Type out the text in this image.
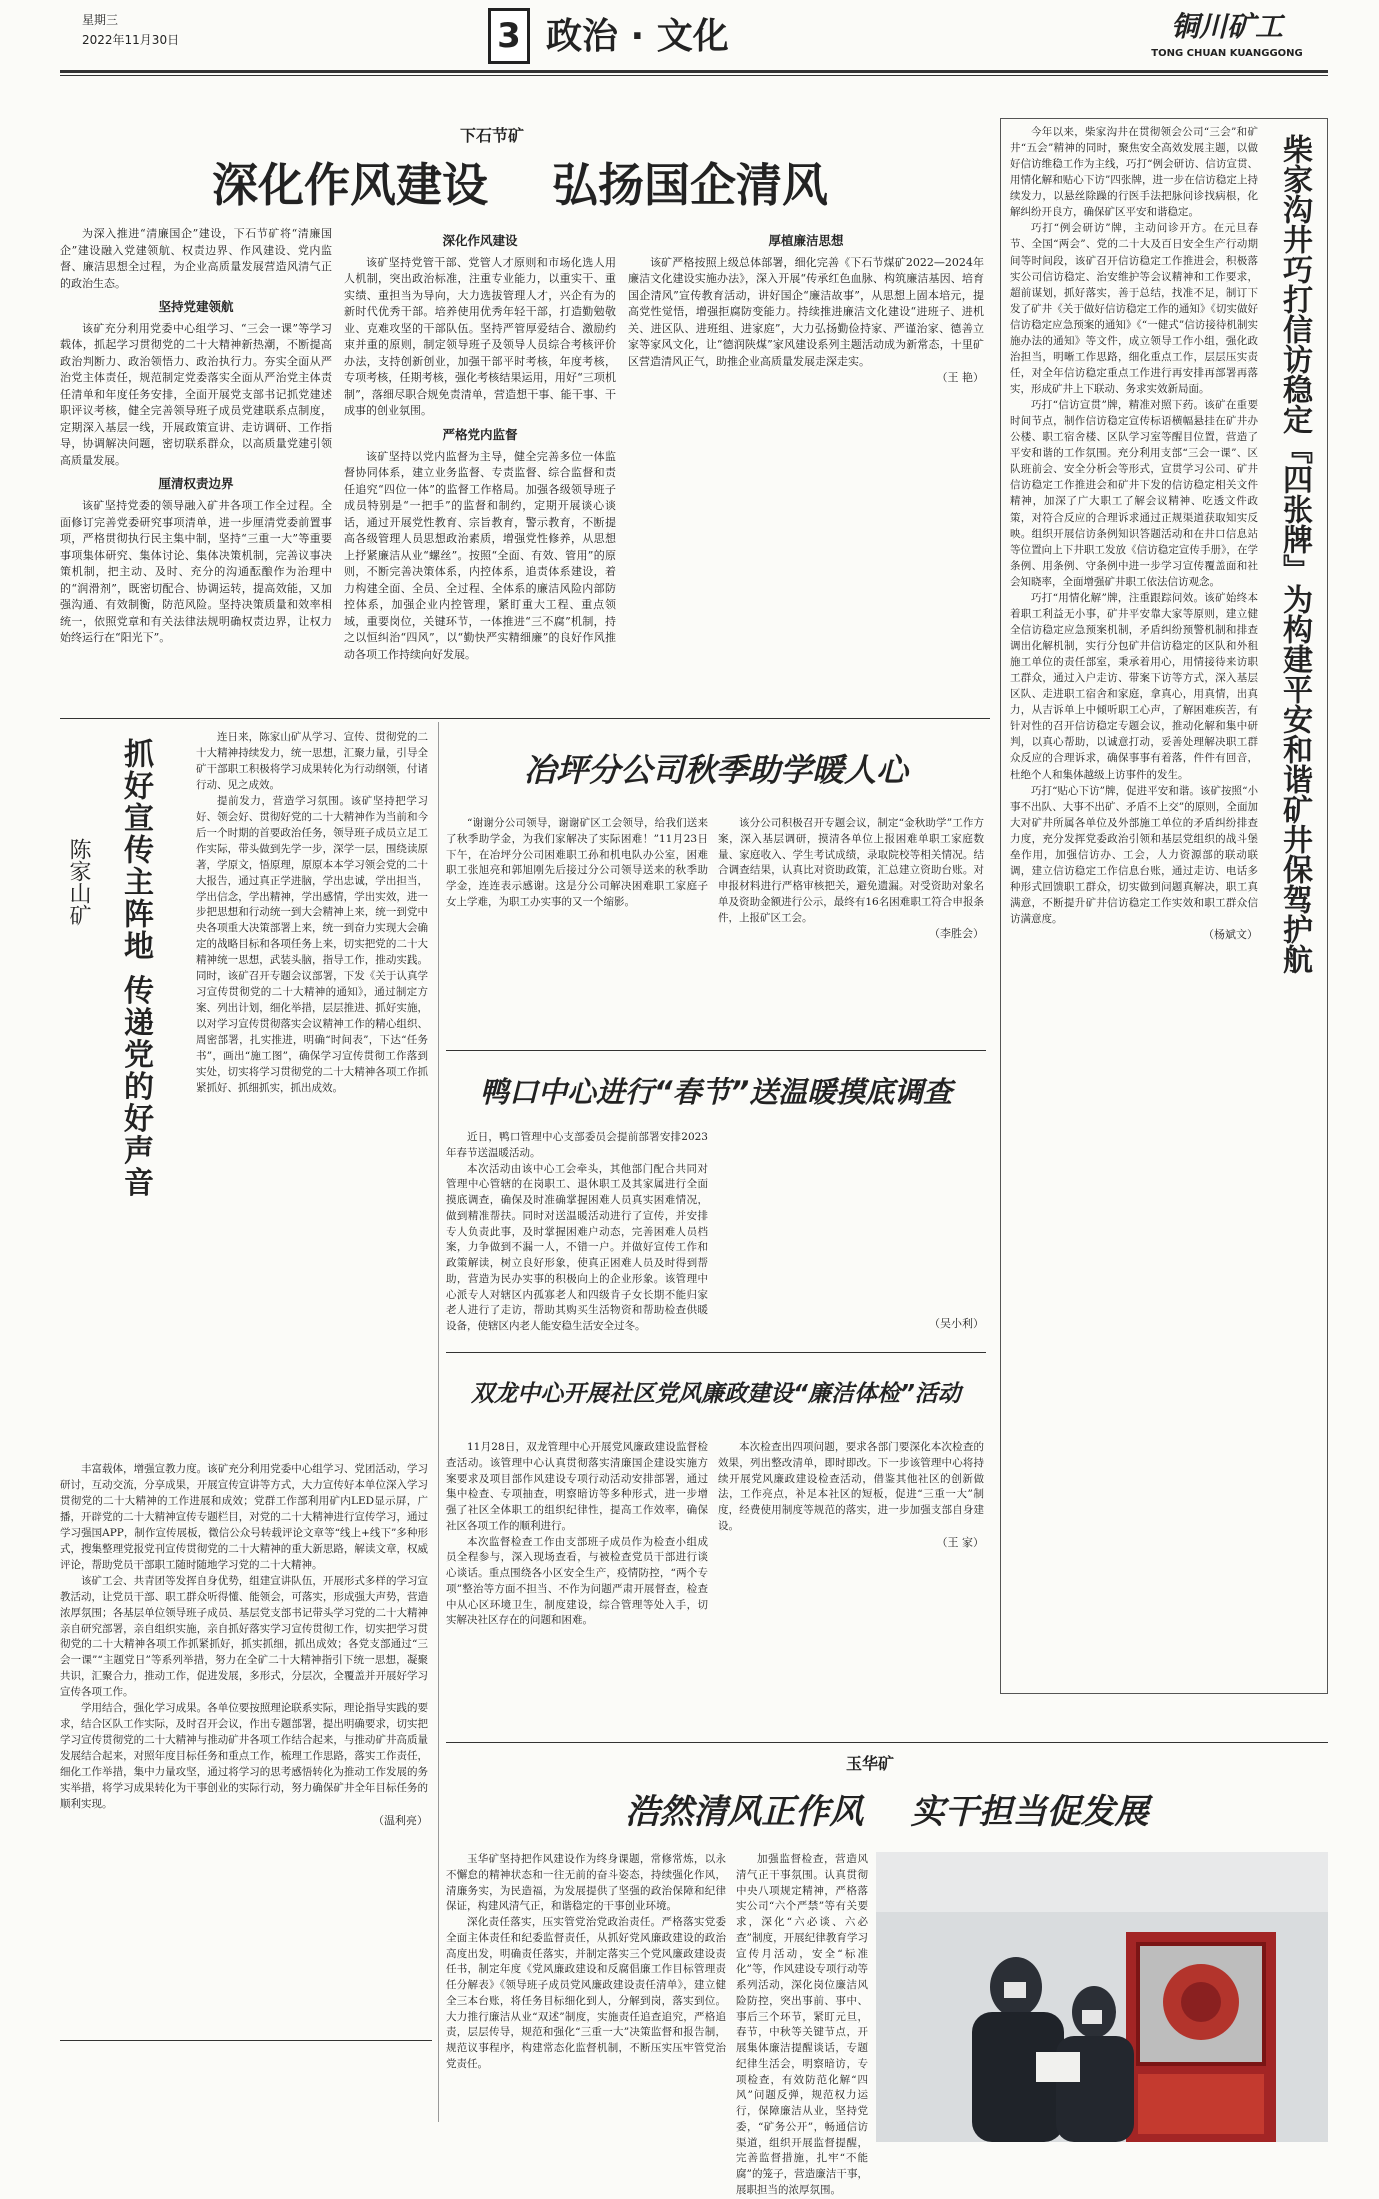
星期三
2022年11月30日	3 政治 · 文化	铜川矿工
TONG CHUAN KUANGGONG
下石节矿
深化作风建设    弘扬国企清风

为深入推进“清廉国企”建设，下石节矿将“清廉国企”建设融入党建领航、权责边界、作风建设、党内监督、廉洁思想全过程，为企业高质量发展营造风清气正的政治生态。

坚持党建领航

该矿充分利用党委中心组学习、“三会一课”等学习载体，抓起学习贯彻党的二十大精神新热潮，不断提高政治判断力、政治领悟力、政治执行力。夯实全面从严治党主体责任，规范制定党委落实全面从严治党主体责任清单和年度任务安排，全面开展党支部书记抓党建述职评议考核，健全完善领导班子成员党建联系点制度，定期深入基层一线，开展政策宣讲、走访调研、工作指导，协调解决问题，密切联系群众，以高质量党建引领高质量发展。

厘清权责边界

该矿坚持党委的领导融入矿井各项工作全过程。全面修订完善党委研究事项清单，进一步厘清党委前置事项，严格贯彻执行民主集中制，坚持“三重一大”等重要事项集体研究、集体讨论、集体决策机制，完善议事决策机制，把主动、及时、充分的沟通酝酿作为治理中的“润滑剂”，既密切配合、协调运转，提高效能，又加强沟通、有效制衡，防范风险。坚持决策质量和效率相统一，依照党章和有关法律法规明确权责边界，让权力始终运行在“阳光下”。

深化作风建设

该矿坚持党管干部、党管人才原则和市场化选人用人机制，突出政治标准，注重专业能力，以重实干、重实绩、重担当为导向，大力选拔管理人才，兴企有为的新时代优秀干部。培养使用优秀年轻干部，打造勤勉敬业、克难攻坚的干部队伍。坚持严管厚爱结合、激励约束并重的原则，制定领导班子及领导人员综合考核评价办法，支持创新创业，加强干部平时考核，年度考核，专项考核，任期考核，强化考核结果运用，用好“三项机制”，落细尽职合规免责清单，营造想干事、能干事、干成事的创业氛围。

严格党内监督

该矿坚持以党内监督为主导，健全完善多位一体监督协同体系，建立业务监督、专责监督、综合监督和责任追究“四位一体”的监督工作格局。加强各级领导班子成员特别是“一把手”的监督和制约，定期开展谈心谈话，通过开展党性教育、宗旨教育，警示教育，不断提高各级管理人员思想政治素质，增强党性修养，从思想上抒紧廉洁从业“螺丝”。按照“全面、有效、管用”的原则，不断完善决策体系，内控体系，追责体系建设，着力构建全面、全员、全过程、全体系的廉洁风险内部防控体系，加强企业内控管理，紧盯重大工程、重点领域，重要岗位，关键环节，一体推进“三不腐”机制，持之以恒纠治“四风”，以“勤快严实精细廉”的良好作风推动各项工作持续向好发展。

厚植廉洁思想

该矿严格按照上级总体部署，细化完善《下石节煤矿2022—2024年廉洁文化建设实施办法》，深入开展“传承红色血脉、构筑廉洁基因、培育国企清风”宣传教育活动，讲好国企“廉洁故事”，从思想上固本培元，提高党性觉悟，增强拒腐防变能力。持续推进廉洁文化建设“进班子、进机关、进区队、进班组、进家庭”，大力弘扬勤俭持家、严谨治家、德善立家等家风文化，让“德润陕煤”家风建设系列主题活动成为新常态，十里矿区营造清风正气，助推企业高质量发展走深走实。

（王 艳）

抓好宣传主阵地 传递党的好声音
陈家山矿

连日来，陈家山矿从学习、宣传、贯彻党的二十大精神持续发力，统一思想，汇聚力量，引导全矿干部职工积极将学习成果转化为行动纲领，付诸行动、见之成效。

提前发力，营造学习氛围。该矿坚持把学习好、领会好、贯彻好党的二十大精神作为当前和今后一个时期的首要政治任务，领导班子成员立足工作实际，带头做到先学一步，深学一层，围绕读原著，学原文，悟原理，原原本本学习领会党的二十大报告，通过真正学进脑，学出忠诚，学出担当，学出信念，学出精神，学出感情，学出实效，进一步把思想和行动统一到大会精神上来，统一到党中央各项重大决策部署上来，统一到奋力实现大会确定的战略目标和各项任务上来，切实把党的二十大精神统一思想，武装头脑，指导工作，推动实践。同时，该矿召开专题会议部署，下发《关于认真学习宣传贯彻党的二十大精神的通知》，通过制定方案、列出计划，细化举措，层层推进、抓好实施，以对学习宣传贯彻落实会议精神工作的精心组织、周密部署，扎实推进，明确“时间表”，下达“任务书”，画出“施工图”，确保学习宣传贯彻工作落到实处，切实将学习贯彻党的二十大精神各项工作抓紧抓好、抓细抓实，抓出成效。

丰富载体，增强宣教力度。该矿充分利用党委中心组学习、党团活动，学习研讨，互动交流，分享成果，开展宣传宣讲等方式，大力宣传好本单位深入学习贯彻党的二十大精神的工作进展和成效；党群工作部利用矿内LED显示屏，广播，开辟党的二十大精神宣传专题栏目，对党的二十大精神进行宣传学习，通过学习强国APP，制作宣传展板，微信公众号转载评论文章等“线上+线下”多种形式，搜集整理党报党刊宣传贯彻党的二十大精神的重大新思路，解读文章，权威评论，帮助党员干部职工随时随地学习党的二十大精神。

该矿工会、共青团等发挥自身优势，组建宣讲队伍，开展形式多样的学习宣教活动，让党员干部、职工群众听得懂、能领会，可落实，形成强大声势，营造浓厚氛围；各基层单位领导班子成员、基层党支部书记带头学习党的二十大精神亲自研究部署，亲自组织实施，亲自抓好落实学习宣传贯彻工作，切实把学习贯彻党的二十大精神各项工作抓紧抓好，抓实抓细，抓出成效；各党支部通过“三会一课”“主题党日”等系列举措，努力在全矿二十大精神指引下统一思想，凝聚共识，汇聚合力，推动工作，促进发展，多形式，分层次，全覆盖并开展好学习宣传各项工作。

学用结合，强化学习成果。各单位要按照理论联系实际，理论指导实践的要求，结合区队工作实际，及时召开会议，作出专题部署，提出明确要求，切实把学习宣传贯彻党的二十大精神与推动矿井各项工作结合起来，与推动矿井高质量发展结合起来，对照年度目标任务和重点工作，梳理工作思路，落实工作责任，细化工作举措，集中力量攻坚，通过将学习的思考感悟转化为推动工作发展的务实举措，将学习成果转化为干事创业的实际行动，努力确保矿井全年目标任务的顺利实现。

（温利亮）

冶坪分公司秋季助学暖人心

“谢谢分公司领导，谢谢矿区工会领导，给我们送来了秋季助学金，为我们家解决了实际困难！”11月23日下午，在冶坪分公司困难职工孙和机电队办公室，困难职工张旭亮和郭旭刚先后接过分公司领导送来的秋季助学金，连连表示感谢。这是分公司解决困难职工家庭子女上学难，为职工办实事的又一个缩影。

该分公司积极召开专题会议，制定“金秋助学”工作方案，深入基层调研，摸清各单位上报困难单职工家庭数量、家庭收入、学生考试成绩，录取院校等相关情况。结合调查结果，认真比对资助政策，汇总建立资助台账。对申报材料进行严格审核把关，避免遗漏。对受资助对象名单及资助金额进行公示，最终有16名困难职工符合申报条件，上报矿区工会。

（李胜会）

鸭口中心进行“春节”送温暖摸底调查

近日，鸭口管理中心支部委员会提前部署安排2023年春节送温暖活动。

本次活动由该中心工会牵头，其他部门配合共同对管理中心管辖的在岗职工、退休职工及其家属进行全面摸底调查，确保及时准确掌握困难人员真实困难情况，做到精准帮扶。同时对送温暖活动进行了宣传，并安排专人负责此事，及时掌握困难户动态，完善困难人员档案，力争做到不漏一人，不错一户。并做好宣传工作和政策解读，树立良好形象，使真正困难人员及时得到帮助，营造为民办实事的积极向上的企业形象。该管理中心派专人对辖区内孤寡老人和四级肯子女长期不能归家老人进行了走访，帮助其购买生活物资和帮助检查供暖设备，使辖区内老人能安稳生活安全过冬。	（吴小利）

双龙中心开展社区党风廉政建设“廉洁体检”活动

11月28日，双龙管理中心开展党风廉政建设监督检查活动。该管理中心认真贯彻落实清廉国企建设实施方案要求及项目部作风建设专项行动活动安排部署，通过集中检查、专项抽查，明察暗访等多种形式，进一步增强了社区全体职工的组织纪律性，提高工作效率，确保社区各项工作的顺利进行。

本次监督检查工作由支部班子成员作为检查小组成员全程参与，深入现场查看，与被检查党员干部进行谈心谈话。重点围绕各小区安全生产，疫情防控，“两个专项”整治等方面不担当、不作为问题严肃开展督查，检查中从心区环境卫生，制度建设，综合管理等处入手，切实解决社区存在的问题和困难。

本次检查出四项问题，要求各部门要深化本次检查的效果，列出整改清单，即时即改。下一步该管理中心将持续开展党风廉政建设检查活动，借鉴其他社区的创新做法，工作亮点，补足本社区的短板，促进“三重一大”制度，经费使用制度等规范的落实，进一步加强支部自身建设。

（王 家）

柴家沟井巧打信访稳定『四张牌』为构建平安和谐矿井保驾护航

今年以来，柴家沟井在贯彻领会公司“三会”和矿井“五会”精神的同时，聚焦安全高效发展主题，以做好信访维稳工作为主线，巧打“例会研访、信访宣贯、用情化解和贴心下访”四张牌，进一步在信访稳定上持续发力，以悬丝除躁的行医手法把脉问诊找病根，化解纠纷开良方，确保矿区平安和谐稳定。

巧打“例会研访”牌，主动问诊开方。在元旦春节、全国“两会”、党的二十大及百日安全生产行动期间等时间段，该矿召开信访稳定工作推进会，积极落实公司信访稳定、治安维护等会议精神和工作要求，超前谋划，抓好落实，善于总结，找准不足，制订下发了矿井《关于做好信访稳定工作的通知》《切实做好信访稳定应急预案的通知》《“一健式”信访接待机制实施办法的通知》等文件，成立领导工作小组，强化政治担当，明晰工作思路，细化重点工作，层层压实责任，对全年信访稳定重点工作进行再安排再部署再落实，形成矿井上下联动、务求实效新局面。

巧打“信访宣贯”牌，精准对照下药。该矿在重要时间节点，制作信访稳定宣传标语横幅悬挂在矿井办公楼、职工宿舍楼、区队学习室等醒目位置，营造了平安和谐的工作氛围。充分利用支部“三会一课”、区队班前会、安全分析会等形式，宣贯学习公司、矿井信访稳定工作推进会和矿井下发的信访稳定相关文件精神，加深了广大职工了解会议精神、吃透文件政策，对符合反应的合理诉求通过正规渠道获取知实反映。组织开展信访条例知识答题活动和在井口信息站等位置向上下井职工发放《信访稳定宣传手册》，在学条例、用条例、守条例中进一步学习宣传覆盖面和社会知晓率，全面增强矿井职工依法信访观念。

巧打“用情化解”牌，注重跟踪问效。该矿始终本着职工利益无小事，矿井平安靠大家等原则，建立健全信访稳定应急预案机制，矛盾纠纷预警机制和排查调出化解机制，实行分包矿井信访稳定的区队和外租施工单位的责任部室，秉承着用心，用情接待来访职工群众，通过入户走访、带案下访等方式，深入基层区队、走进职工宿舍和家庭，拿真心，用真情，出真力，从吉诉单上中倾听职工心声，了解困难疾苦，有针对性的召开信访稳定专题会议，推动化解和集中研判，以真心帮助，以诚意打动，妥善处理解决职工群众反应的合理诉求，确保事事有着落，件件有回音，杜绝个人和集体越级上访事件的发生。

巧打“贴心下访”牌，促进平安和谐。该矿按照“小事不出队、大事不出矿、矛盾不上交”的原则，全面加大对矿井所属各单位及外部施工单位的矛盾纠纷排查力度，充分发挥党委政治引领和基层党组织的战斗堡垒作用，加强信访办、工会，人力资源部的联动联调，建立信访稳定工作信息台账，通过走访、电话多种形式回馈职工群众，切实做到问题真解决，职工真满意，不断提升矿井信访稳定工作实效和职工群众信访满意度。

（杨斌文）

玉华矿
浩然清风正作风    实干担当促发展

玉华矿坚持把作风建设作为终身课题，常修常炼，以永不懈怠的精神状态和一往无前的奋斗姿态，持续强化作风，清廉务实，为民造福，为发展提供了坚强的政治保障和纪律保证，构建风清气正，和谐稳定的干事创业环境。

深化责任落实，压实管党治党政治责任。严格落实党委全面主体责任和纪委监督责任，从抓好党风廉政建设的政治高度出发，明确责任落实，并制定落实三个党风廉政建设责任书，制定年度《党风廉政建设和反腐倡廉工作目标管理责任分解表》《领导班子成员党风廉政建设责任清单》，建立健全三本台账，将任务目标细化到人，分解到岗，落实到位。大力推行廉洁从业“双述”制度，实施责任追查追究，严格追责，层层传导，规范和强化“三重一大”决策监督和报告制，规范议事程序，构建常态化监督机制，不断压实压牢管党治党责任。

加强监督检查，营造风清气正干事氛围。认真贯彻中央八项规定精神，严格落实公司“六个严禁”等有关要求，深化“六必谈、六必查”制度，开展纪律教育学习宣传月活动，安全“标准化”等，作风建设专项行动等系列活动，深化岗位廉洁风险防控，突出事前、事中、事后三个环节，紧盯元旦，春节，中秋等关键节点，开展集体廉洁提醒谈话，专题纪律生活会，明察暗访，专项检查，有效防范化解“四风”问题反弹，规范权力运行，保障廉洁从业，坚持党委，“矿务公开”，畅通信访渠道，组织开展监督提醒，完善监督措施，扎牢“不能腐”的笼子，营造廉洁干事，展职担当的浓厚氛围。
